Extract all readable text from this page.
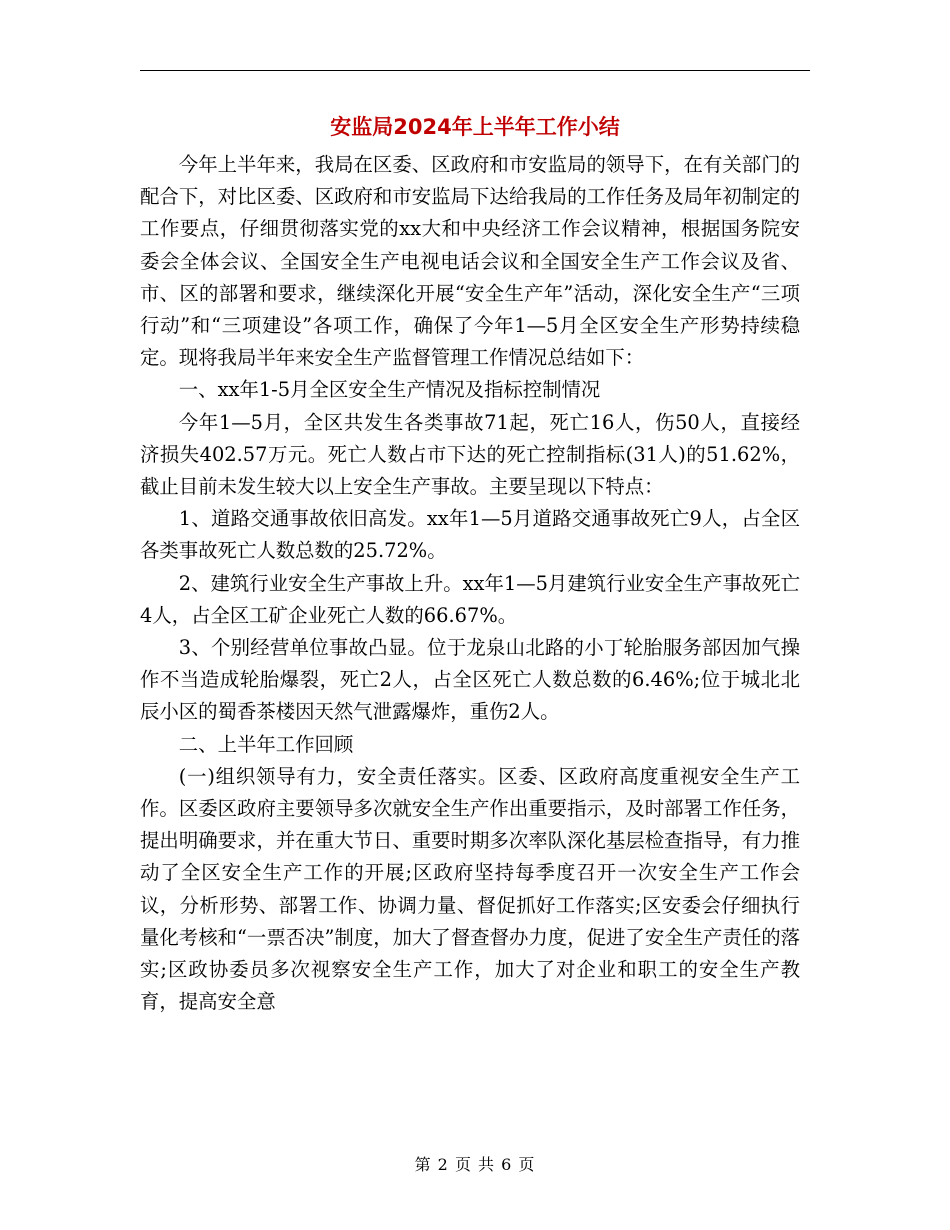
安监局2024年上半年工作小结

今年上半年来，我局在区委、区政府和市安监局的领导下，在有关部门的配合下，对比区委、区政府和市安监局下达给我局的工作任务及局年初制定的工作要点，仔细贯彻落实党的xx大和中央经济工作会议精神，根据国务院安委会全体会议、全国安全生产电视电话会议和全国安全生产工作会议及省、市、区的部署和要求，继续深化开展“安全生产年”活动，深化安全生产“三项行动”和“三项建设”各项工作，确保了今年1—5月全区安全生产形势持续稳定。现将我局半年来安全生产监督管理工作情况总结如下：

一、xx年1-5月全区安全生产情况及指标控制情况

今年1—5月，全区共发生各类事故71起，死亡16人，伤50人，直接经济损失402.57万元。死亡人数占市下达的死亡控制指标(31人)的51.62%，截止目前未发生较大以上安全生产事故。主要呈现以下特点：

1、道路交通事故依旧高发。xx年1—5月道路交通事故死亡9人，占全区各类事故死亡人数总数的25.72%。

2、建筑行业安全生产事故上升。xx年1—5月建筑行业安全生产事故死亡4人，占全区工矿企业死亡人数的66.67%。

3、个别经营单位事故凸显。位于龙泉山北路的小丁轮胎服务部因加气操作不当造成轮胎爆裂，死亡2人，占全区死亡人数总数的6.46%;位于城北北辰小区的蜀香茶楼因天然气泄露爆炸，重伤2人。

二、上半年工作回顾

(一)组织领导有力，安全责任落实。区委、区政府高度重视安全生产工作。区委区政府主要领导多次就安全生产作出重要指示，及时部署工作任务，提出明确要求，并在重大节日、重要时期多次率队深化基层检查指导，有力推动了全区安全生产工作的开展;区政府坚持每季度召开一次安全生产工作会议，分析形势、部署工作、协调力量、督促抓好工作落实;区安委会仔细执行量化考核和“一票否决”制度，加大了督查督办力度，促进了安全生产责任的落实;区政协委员多次视察安全生产工作，加大了对企业和职工的安全生产教育，提高安全意

第 2 页 共 6 页
